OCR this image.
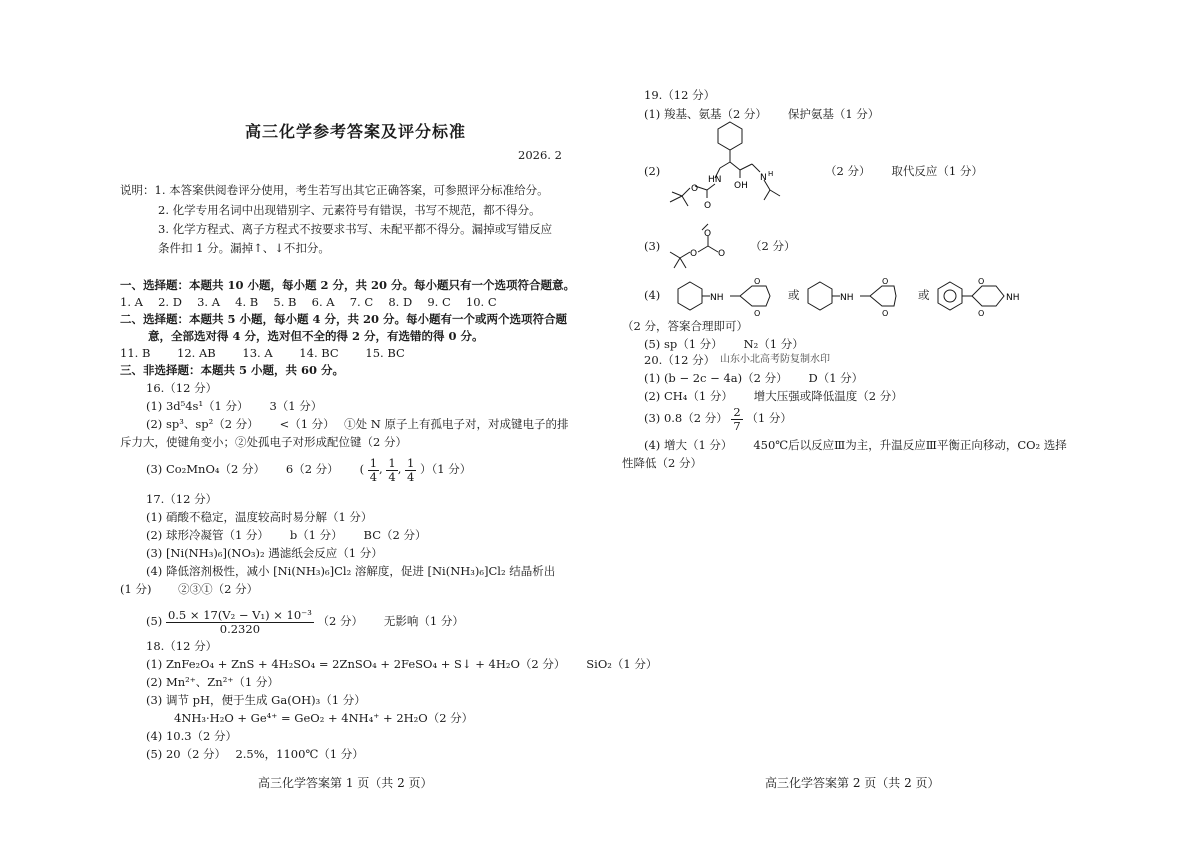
高三化学参考答案及评分标准
2026. 2
说明：1. 本答案供阅卷评分使用，考生若写出其它正确答案，可参照评分标准给分。
2. 化学专用名词中出现错别字、元素符号有错误，书写不规范，都不得分。
3. 化学方程式、离子方程式不按要求书写、未配平都不得分。漏掉或写错反应
条件扣 1 分。漏掉↑、↓不扣分。
一、选择题：本题共 10 小题，每小题 2 分，共 20 分。每小题只有一个选项符合题意。
1. A　 2. D　 3. A　 4. B　 5. B　 6. A　 7. C　 8. D　 9. C　 10. C
二、选择题：本题共 5 小题，每小题 4 分，共 20 分。每小题有一个或两个选项符合题
意，全部选对得 4 分，选对但不全的得 2 分，有选错的得 0 分。
11. B　　 12. AB　　 13. A　　 14. BC　　 15. BC
三、非选择题：本题共 5 小题，共 60 分。
16.（12 分）
(1) 3d⁵4s¹（1 分）　　 3（1 分）
(2) sp³、sp²（2 分）　　 <（1 分）　 ①处 N 原子上有孤电子对，对成键电子的排
斥力大，使键角变小；②处孤电子对形成配位键（2 分）
(3) Co₂MnO₄（2 分）　　 6（2 分）　　 ( $\frac{1}{4}$ , $\frac{1}{4}$ , $\frac{1}{4} )(1$ 分）
17.（12 分）
(1) 硝酸不稳定，温度较高时易分解（1 分）
(2) 球形冷凝管（1 分）　　 b（1 分）　　 BC（2 分）
(3) [Ni(NH₃)₆](NO₃)₂ 遇滤纸会反应（1 分）
(4) 降低溶剂极性，减小 [Ni(NH₃)₆]Cl₂ 溶解度，促进 [Ni(NH₃)₆]Cl₂ 结晶析出
(1 分)　　 ②③①（2 分）
$(5) \frac{\text{0.5 × 17(V₂ − V₁) × 10⁻³}}{0.2320} (2$ 分）　　 无影响（1 分）
18.（12 分）
(1) ZnFe₂O₄ + ZnS + 4H₂SO₄ = 2ZnSO₄ + 2FeSO₄ + S↓ + 4H₂O（2 分）　　 SiO₂（1 分）
(2) Mn²⁺、Zn²⁺（1 分）
(3) 调节 pH，便于生成 Ga(OH)₃（1 分）
4NH₃·H₂O + Ge⁴⁺ = GeO₂ + 4NH₄⁺ + 2H₂O（2 分）
(4) 10.3（2 分）
(5) 20（2 分）　 2.5%，1100℃（1 分）
高三化学答案第 1 页（共 2 页）
19.（12 分）
(1) 羧基、氨基（2 分）　　 保护氨基（1 分）
(2)
HN
O
O
OH
N H	（2 分）　　 取代反应（1 分）
(3)
O
O
O
（2 分）
(4)	NH
O
O
NH
O
O
O
O
NH
或	或
（2 分，答案合理即可）
(5) sp（1 分）　　 N₂（1 分）
20.（12 分） 山东小北高考防复制水印
(1) (b − 2c − 4a)（2 分）　　 D（1 分）
(2) CH₄（1 分）　　 增大压强或降低温度（2 分）
(3) 0.8（2 分） $\frac{2}{7} (1$ 分）
(4) 增大（1 分）　　 450℃后以反应Ⅲ为主，升温反应Ⅲ平衡正向移动，CO₂ 选择
性降低（2 分）
高三化学答案第 2 页（共 2 页）
